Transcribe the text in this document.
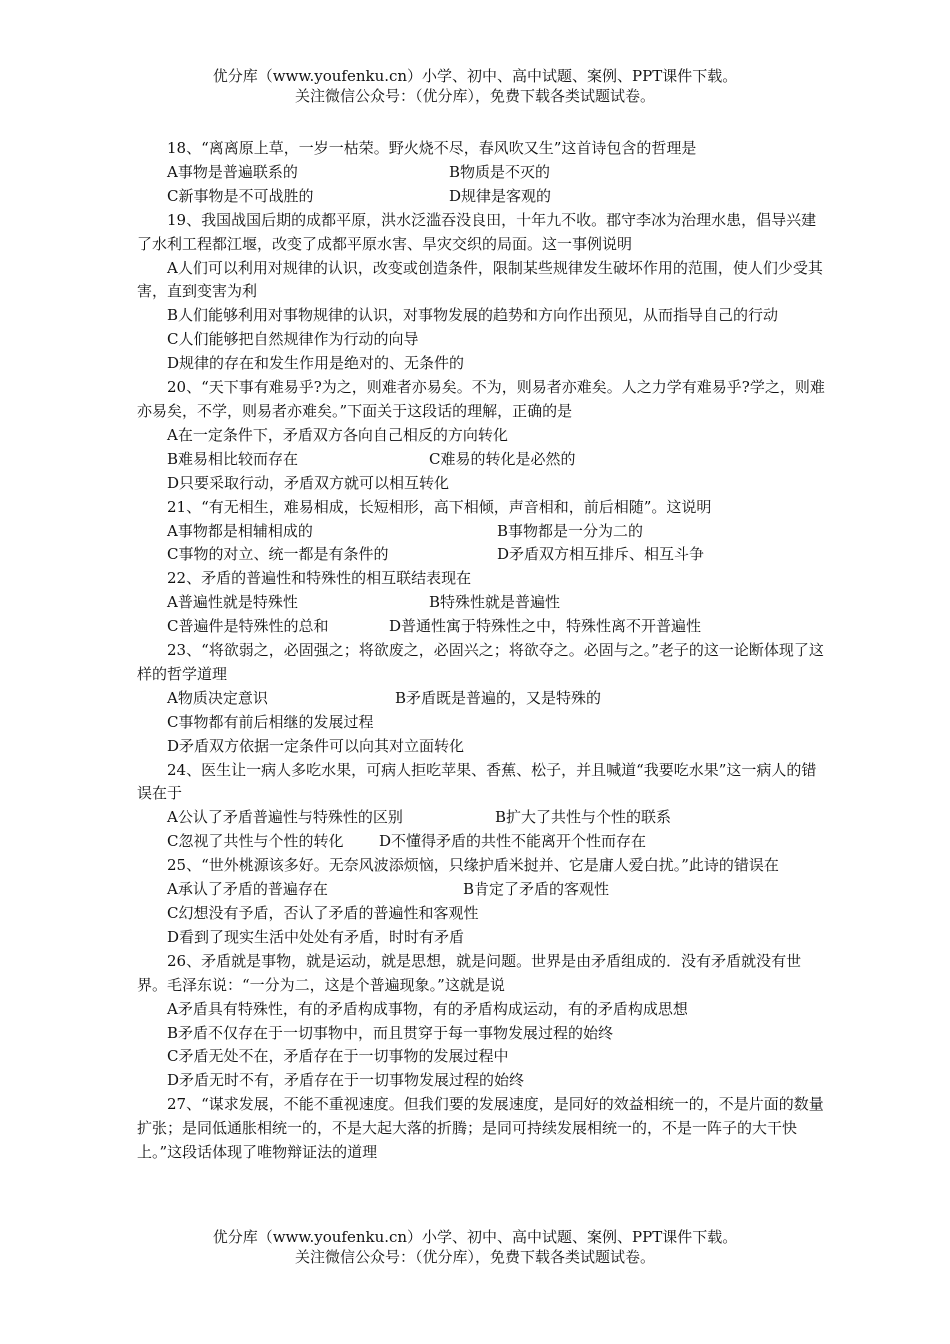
优分库（www.youfenku.cn）小学、初中、高中试题、案例、PPT课件下载。
关注微信公众号：（优分库），免费下载各类试题试卷。
18、“离离原上草，一岁一枯荣。野火烧不尽，春风吹又生”这首诗包含的哲理是
A事物是普遍联系的	B物质是不灭的
C新事物是不可战胜的	D规律是客观的
19、我国战国后期的成都平原，洪水泛滥吞没良田，十年九不收。郡守李冰为治理水患，倡导兴建了水利工程都江堰，改变了成都平原水害、旱灾交织的局面。这一事例说明
A人们可以利用对规律的认识，改变或创造条件，限制某些规律发生破坏作用的范围，使人们少受其害，直到变害为利
B人们能够利用对事物规律的认识，对事物发展的趋势和方向作出预见，从而指导自己的行动
C人们能够把自然规律作为行动的向导
D规律的存在和发生作用是绝对的、无条件的
20、“天下事有难易乎?为之，则难者亦易矣。不为，则易者亦难矣。人之力学有难易乎?学之，则难亦易矣，不学，则易者亦难矣。”下面关于这段话的理解，正确的是
A在一定条件下，矛盾双方各向自己相反的方向转化
B难易相比较而存在	C难易的转化是必然的
D只要采取行动，矛盾双方就可以相互转化
21、“有无相生，难易相成，长短相形，高下相倾，声音相和，前后相随”。这说明
A事物都是相辅相成的	B事物都是一分为二的
C事物的对立、统一都是有条件的	D矛盾双方相互排斥、相互斗争
22、矛盾的普遍性和特殊性的相互联结表现在
A普遍性就是特殊性	B特殊性就是普遍性
C普遍件是特殊性的总和	D普通性寓于特殊性之中，特殊性离不开普遍性
23、“将欲弱之，必固强之；将欲废之，必固兴之；将欲夺之。必固与之。”老子的这一论断体现了这样的哲学道理
A物质决定意识	B矛盾既是普遍的，又是特殊的
C事物都有前后相继的发展过程
D矛盾双方依据一定条件可以向其对立面转化
24、医生让一病人多吃水果，可病人拒吃苹果、香蕉、松子，并且喊道“我要吃水果”这一病人的错误在于
A公认了矛盾普遍性与特殊性的区别	B扩大了共性与个性的联系
C忽视了共性与个性的转化 D不懂得矛盾的共性不能离开个性而存在
25、“世外桃源该多好。无奈风波添烦恼，只缘护盾米挝并、它是庸人爱白扰。”此诗的错误在
A承认了矛盾的普遍存在	B肯定了矛盾的客观性
C幻想没有予盾，否认了矛盾的普遍性和客观性
D看到了现实生活中处处有矛盾，时时有矛盾
26、矛盾就是事物，就是运动，就是思想，就是问题。世界是由矛盾组成的．没有矛盾就没有世界。毛泽东说：“一分为二，这是个普遍现象。”这就是说
A矛盾具有特殊性，有的矛盾构成事物，有的矛盾构成运动，有的矛盾构成思想
B矛盾不仅存在于一切事物中，而且贯穿于每一事物发展过程的始终
C矛盾无处不在，矛盾存在于一切事物的发展过程中
D矛盾无时不有，矛盾存在于一切事物发展过程的始终
27、“谋求发展，不能不重视速度。但我们要的发展速度，是同好的效益相统一的，不是片面的数量扩张；是同低通胀相统一的，不是大起大落的折腾；是同可持续发展相统一的，不是一阵子的大干快上。”这段话体现了唯物辩证法的道理
优分库（www.youfenku.cn）小学、初中、高中试题、案例、PPT课件下载。
关注微信公众号：（优分库），免费下载各类试题试卷。
